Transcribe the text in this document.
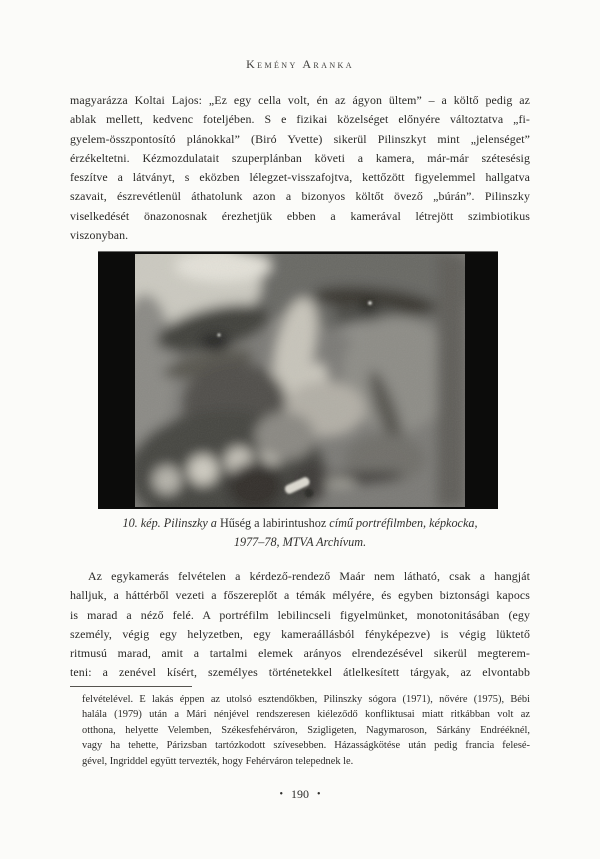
Kemény Aranka
magyarázza Koltai Lajos: „Ez egy cella volt, én az ágyon ültem” – a költő pedig az
ablak mellett, kedvenc foteljében. S e fizikai közelséget előnyére változtatva „fi-
gyelem-összpontosító plánokkal” (Biró Yvette) sikerül Pilinszkyt mint „jelenséget”
érzékeltetni. Kézmozdulatait szuperplánban követi a kamera, már-már szétesésig
feszítve a látványt, s eközben lélegzet-visszafojtva, kettőzött figyelemmel hallgatva
szavait, észrevétlenül áthatolunk azon a bizonyos költőt övező „búrán”. Pilinszky
viselkedését önazonosnak érezhetjük ebben a kamerával létrejött szimbiotikus
viszonyban.
10. kép. Pilinszky a Hűség a labirintushoz című portréfilmben, képkocka,
1977–78, MTVA Archívum.
Az egykamerás felvételen a kérdező-rendező Maár nem látható, csak a hangját
halljuk, a háttérből vezeti a főszereplőt a témák mélyére, és egyben biztonsági kapocs
is marad a néző felé. A portréfilm lebilincseli figyelmünket, monotonitásában (egy
személy, végig egy helyzetben, egy kameraállásból fényképezve) is végig lüktető
ritmusú marad, amit a tartalmi elemek arányos elrendezésével sikerül megterem-
teni: a zenével kísért, személyes történetekkel átlelkesített tárgyak, az elvontabb
felvételével. E lakás éppen az utolsó esztendőkben, Pilinszky sógora (1971), nővére (1975), Bébi
halála (1979) után a Mári nénjével rendszeresen kiéleződő konfliktusai miatt ritkábban volt az
otthona, helyette Velemben, Székesfehérváron, Szigligeten, Nagymaroson, Sárkány Endrééknél,
vagy ha tehette, Párizsban tartózkodott szívesebben. Házasságkötése után pedig francia felesé-
gével, Ingriddel együtt tervezték, hogy Fehérváron telepednek le.
• 190 •
